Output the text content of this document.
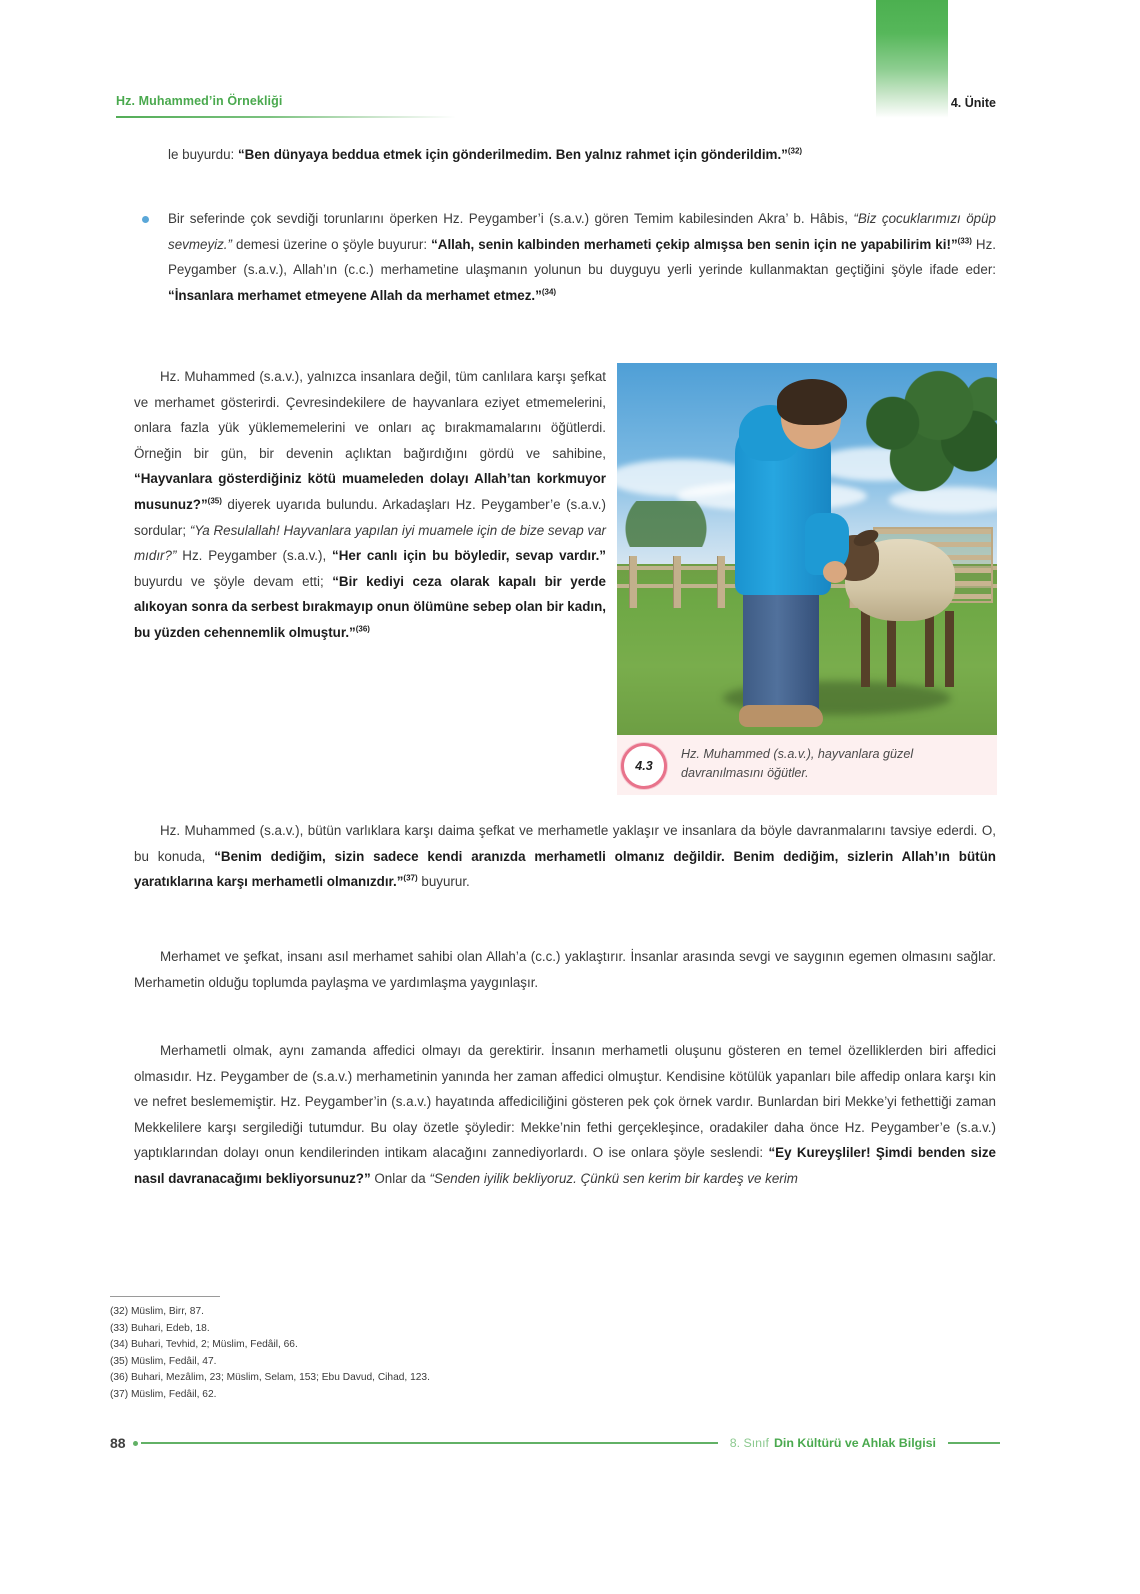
Hz. Muhammed’in Örnekliği	4. Ünite
le buyurdu: “Ben dünyaya beddua etmek için gönderilmedim. Ben yalnız rahmet için gönderildim.”$^{(32)}$
Bir seferinde çok sevdiği torunlarını öperken Hz. Peygamber’i (s.a.v.) gören Temim kabilesinden Akra’ b. Hâbis, “Biz çocuklarımızı öpüp sevmeyiz.” demesi üzerine o şöyle buyurur: “Allah, senin kalbinden merhameti çekip almışsa ben senin için ne yapabilirim ki!”$^{(33)}$ Hz. Peygamber (s.a.v.), Allah’ın (c.c.) merhametine ulaşmanın yolunun bu duyguyu yerli yerinde kullanmaktan geçtiğini şöyle ifade eder: “İnsanlara merhamet etmeyene Allah da merhamet etmez.”$^{(34)}$
Hz. Muhammed (s.a.v.), yalnızca insanlara değil, tüm canlılara karşı şefkat ve merhamet gösterirdi. Çevresindekilere de hayvanlara eziyet etmemelerini, onlara fazla yük yüklememelerini ve onları aç bırakmamalarını öğütlerdi. Örneğin bir gün, bir devenin açlıktan bağırdığını gördü ve sahibine, “Hayvanlara gösterdiğiniz kötü muameleden dolayı Allah’tan korkmuyor musunuz?”$^{(35)}$ diyerek uyarıda bulundu. Arkadaşları Hz. Peygamber’e (s.a.v.) sordular; “Ya Resulallah! Hayvanlara yapılan iyi muamele için de bize sevap var mıdır?” Hz. Peygamber (s.a.v.), “Her canlı için bu böyledir, sevap vardır.” buyurdu ve şöyle devam etti; “Bir kediyi ceza olarak kapalı bir yerde alıkoyan sonra da serbest bırakmayıp onun ölümüne sebep olan bir kadın, bu yüzden cehennemlik olmuştur.”$^{(36)}$
4.3
Hz. Muhammed (s.a.v.), hayvanlara güzel davranılmasını öğütler.
Hz. Muhammed (s.a.v.), bütün varlıklara karşı daima şefkat ve merhametle yaklaşır ve insanlara da böyle davranmalarını tavsiye ederdi. O, bu konuda, “Benim dediğim, sizin sadece kendi aranızda merhametli olmanız değildir. Benim dediğim, sizlerin Allah’ın bütün yaratıklarına karşı merhametli olmanızdır.”$^{(37)}$ buyurur.
Merhamet ve şefkat, insanı asıl merhamet sahibi olan Allah’a (c.c.) yaklaştırır. İnsanlar arasında sevgi ve saygının egemen olmasını sağlar. Merhametin olduğu toplumda paylaşma ve yardımlaşma yaygınlaşır.
Merhametli olmak, aynı zamanda affedici olmayı da gerektirir. İnsanın merhametli oluşunu gösteren en temel özelliklerden biri affedici olmasıdır. Hz. Peygamber de (s.a.v.) merhametinin yanında her zaman affedici olmuştur. Kendisine kötülük yapanları bile affedip onlara karşı kin ve nefret beslememiştir. Hz. Peygamber’in (s.a.v.) hayatında affediciliğini gösteren pek çok örnek vardır. Bunlardan biri Mekke’yi fethettiği zaman Mekkelilere karşı sergilediği tutumdur. Bu olay özetle şöyledir: Mekke’nin fethi gerçekleşince, oradakiler daha önce Hz. Peygamber’e (s.a.v.) yaptıklarından dolayı onun kendilerinden intikam alacağını zannediyorlardı. O ise onlara şöyle seslendi: “Ey Kureyşliler! Şimdi benden size nasıl davranacağımı bekliyorsunuz?” Onlar da “Senden iyilik bekliyoruz. Çünkü sen kerim bir kardeş ve kerim
(32) Müslim, Birr, 87.
(33) Buhari, Edeb, 18.
(34) Buhari, Tevhid, 2; Müslim, Fedâil, 66.
(35) Müslim, Fedâil, 47.
(36) Buhari, Mezâlim, 23; Müslim, Selam, 153; Ebu Davud, Cihad, 123.
(37) Müslim, Fedâil, 62.
88	8. Sınıf Din Kültürü ve Ahlak Bilgisi
